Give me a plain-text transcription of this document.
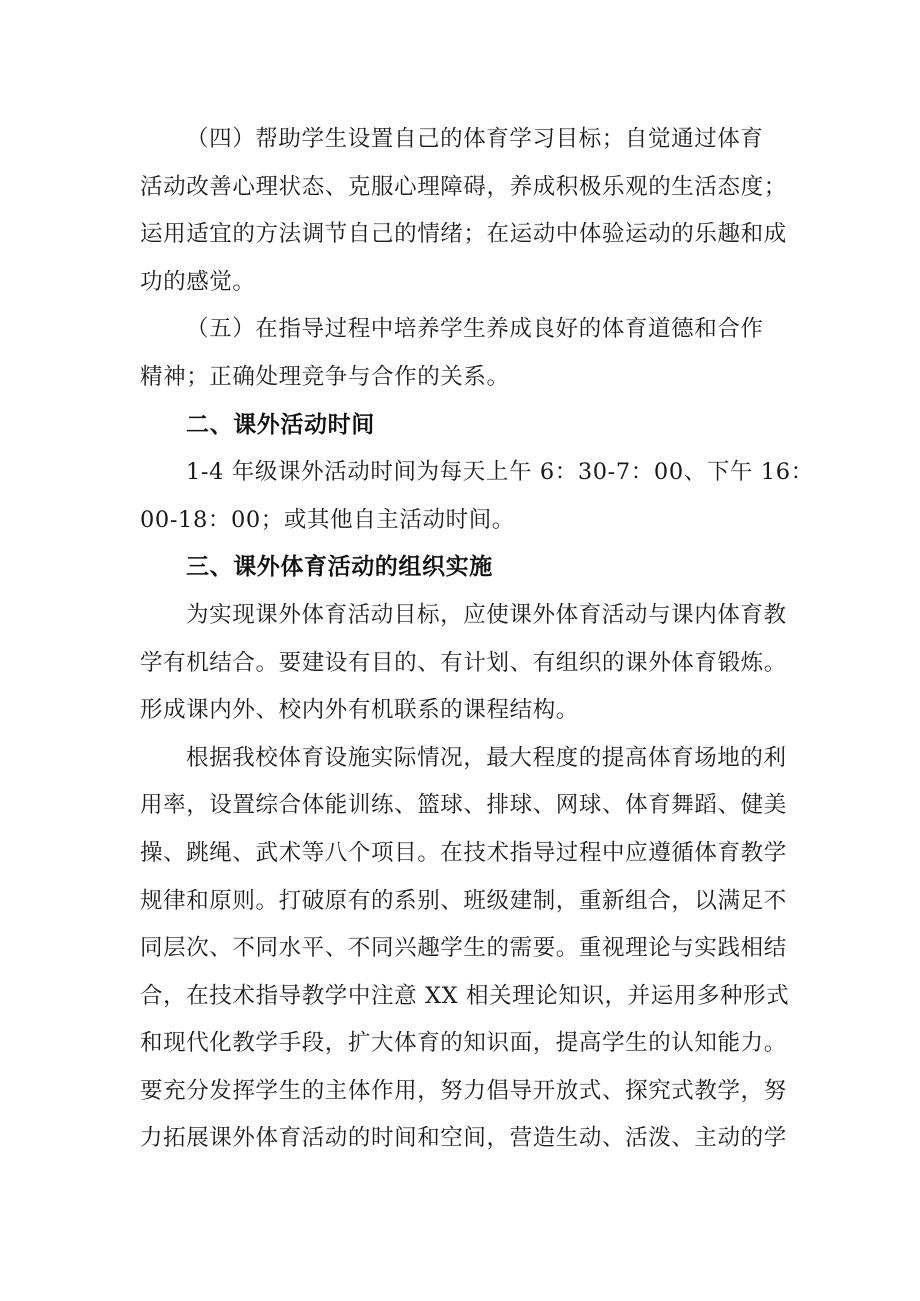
（四）帮助学生设置自己的体育学习目标；自觉通过体育
活动改善心理状态、克服心理障碍，养成积极乐观的生活态度；
运用适宜的方法调节自己的情绪；在运动中体验运动的乐趣和成
功的感觉。
（五）在指导过程中培养学生养成良好的体育道德和合作
精神；正确处理竞争与合作的关系。
二、课外活动时间
1-4 年级课外活动时间为每天上午 6：30-7：00、下午 16：
00-18：00；或其他自主活动时间。
三、课外体育活动的组织实施
为实现课外体育活动目标，应使课外体育活动与课内体育教
学有机结合。要建设有目的、有计划、有组织的课外体育锻炼。
形成课内外、校内外有机联系的课程结构。
根据我校体育设施实际情况，最大程度的提高体育场地的利
用率，设置综合体能训练、篮球、排球、网球、体育舞蹈、健美
操、跳绳、武术等八个项目。在技术指导过程中应遵循体育教学
规律和原则。打破原有的系别、班级建制，重新组合，以满足不
同层次、不同水平、不同兴趣学生的需要。重视理论与实践相结
合，在技术指导教学中注意 XX 相关理论知识，并运用多种形式
和现代化教学手段，扩大体育的知识面，提高学生的认知能力。
要充分发挥学生的主体作用，努力倡导开放式、探究式教学，努
力拓展课外体育活动的时间和空间，营造生动、活泼、主动的学
